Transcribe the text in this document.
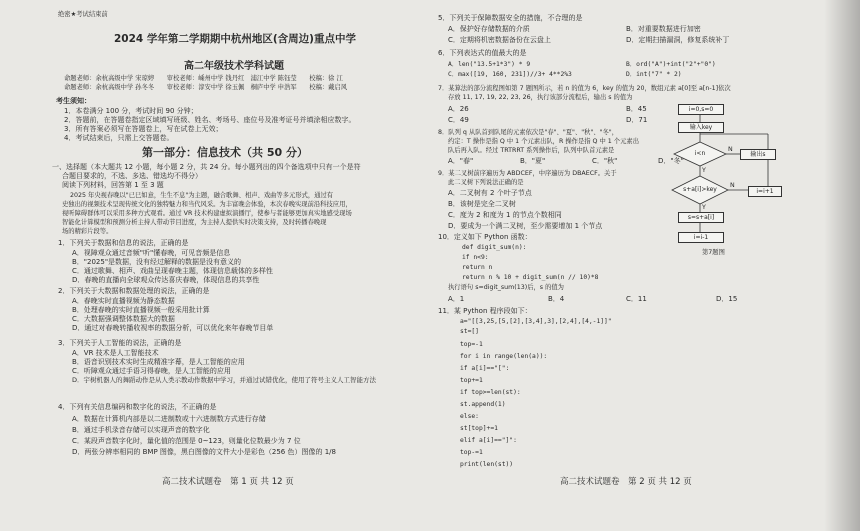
绝密★考试结束前
2024 学年第二学期期中杭州地区(含周边)重点中学
命题老师：余杭高级中学 宋琼婷　　审校老师：嵊州中学 钱丹红　浦江中学 陈钰莹　　校稿：徐 江
命题老师：余杭高级中学 孙冬冬　　审校老师：淳安中学 徐玉佩　桐庐中学 申浩军　　校稿：戴启风
高二年级技术学科试题
考生须知：
1．本卷满分 100 分，考试时间 90 分钟；
2．答题前，在答题卷指定区域填写班级、姓名、考场号、座位号及准考证号并填涂相应数字。
3．所有答案必须写在答题卷上，写在试卷上无效；
4．考试结束后，只需上交答题卷。
第一部分：信息技术（共 50 分）
一、选择题（本大题共 12 小题，每小题 2 分，共 24 分。每小题列出的四个备选项中只有一个是符
合题目要求的，不选、多选、错选均不得分）
阅读下列材料，回答第 1 至 3 题
2025 年央视春晚以"已巳如意，生生不息"为主题，融合歌舞、相声、戏曲等多元形式，通过有
史独出的视频技术呈现传统文化的独特魅力和当代风采。为丰富晚会体验，本次春晚实现前沿科技应用，
视听障碍群体可以采用多种方式观看。通过 VR 技术构建虚拟演播厅，使参与者能够更加真实地感受现场
智能化计算模型和预测分析主持人带动节目进度，为主持人提供实时决策支持，及时转播春晚现
场的精彩片段等。
1．下列关于数据和信息的说法，正确的是
A．视障观众通过音频"听"懂春晚，可见音频是信息
B．"2025"是数据，没有经过解释的数据是没有意义的
C．通过歌舞、相声、戏曲呈现春晚主题，体现信息载体的多样性
D．春晚的直播向全球观众传达喜庆春晚，体现信息的共享性
2．下列关于大数据和数据处理的说法，正确的是
A．春晚实时直播视频为静态数据
B．处理春晚的实时直播视频一般采用批计算
C．大数据强调整体数据大的数据
D．通过对春晚转播收视率的数据分析，可以优化来年春晚节目单
3．下列关于人工智能的说法，正确的是
A．VR 技术是人工智能技术
B．语音识别技术实时生成精准字幕，是人工智能的应用
C．听障观众通过手语习得春晚，是人工智能的应用
D．宇树机器人的舞蹈动作是从人类示教动作数据中学习，并通过试错优化，使用了符号主义人工智能方法
4．下列有关信息编码和数字化的说法，不正确的是
A．数据在计算机内部是以二进制数或十六进制数方式进行存储
B．通过手机录音存储可以实现声音的数字化
C．某段声音数字化时，量化值的范围是 0~123，则量化位数最少为 7 位
D．两张分辨率相同的 BMP 图像，黑白图像的文件大小是彩色（256 色）图像的 1/8
高二技术试题卷　第 1 页 共 12 页
5．下列关于保障数据安全的措施，不合理的是
A．保护好存储数据的介质	B．对重要数据进行加密
C．定期将机密数据备份在云盘上	D．定期扫描漏洞，修复系统补丁
6．下列表达式的值最大的是
A．len("13.5+1*3") * 9	B．ord("A")+int("2"+"0")
C．max([19, 160, 231])//3+ 4**2%3	D．int("7" * 2)
7．某算法的部分流程图如第 7 题图所示，若 n 的值为 6，key 的值为 20，数组元素 a[0]至 a[n-1]依次
存放 11, 17, 19, 22, 23, 26，执行该部分流程后，输出 s 的值为
A．26	B．45
C．49	D．71
8．队列 q 从队首到队尾的元素依次是"春"、"夏"、"秋"、"冬"，
约定：T 操作是指 Q 中 1 个元素出队，R 操作是指 Q 中 1 个元素出
队后再入队。经过 TRTRRT 系列操作后，队列中队首元素是
A．"春"	B．"夏"	C．"秋"	D．"冬"
9．某二叉树前序遍历为 ABDCEF，中序遍历为 DBAECF。关于
此二叉树下列说法正确的是
A．二叉树有 2 个叶子节点
B．该树是完全二叉树
C．度为 2 和度为 1 的节点个数相同
D．要成为一个满二叉树，至少需要增加 1 个节点
10．定义如下 Python 函数：
def digit_sum(n):
if n<9:
return n
return n % 10 + digit_sum(n // 10)*8
执行语句 s=digit_sum(13)后，s 的值为
A．1	B．4	C．11	D．15
11．某 Python 程序段如下：
a="[[3,25,[5,[2],[3,4],3],[2,4],[4,-1]]"
st=[]
top=-1
for i in range(len(a)):
if a[i]=="[":
top+=1
if top>=len(st):
st.append(1)
else:
st[top]+=1
elif a[i]=="]":
top-=1
print(len(st))
i=0,s=0
输入key
i<n
s+a[i]>key
s=s+a[i]
i=i+1
输出s
i=i-1
N
Y
N
Y
第7题图
高二技术试题卷　第 2 页 共 12 页
